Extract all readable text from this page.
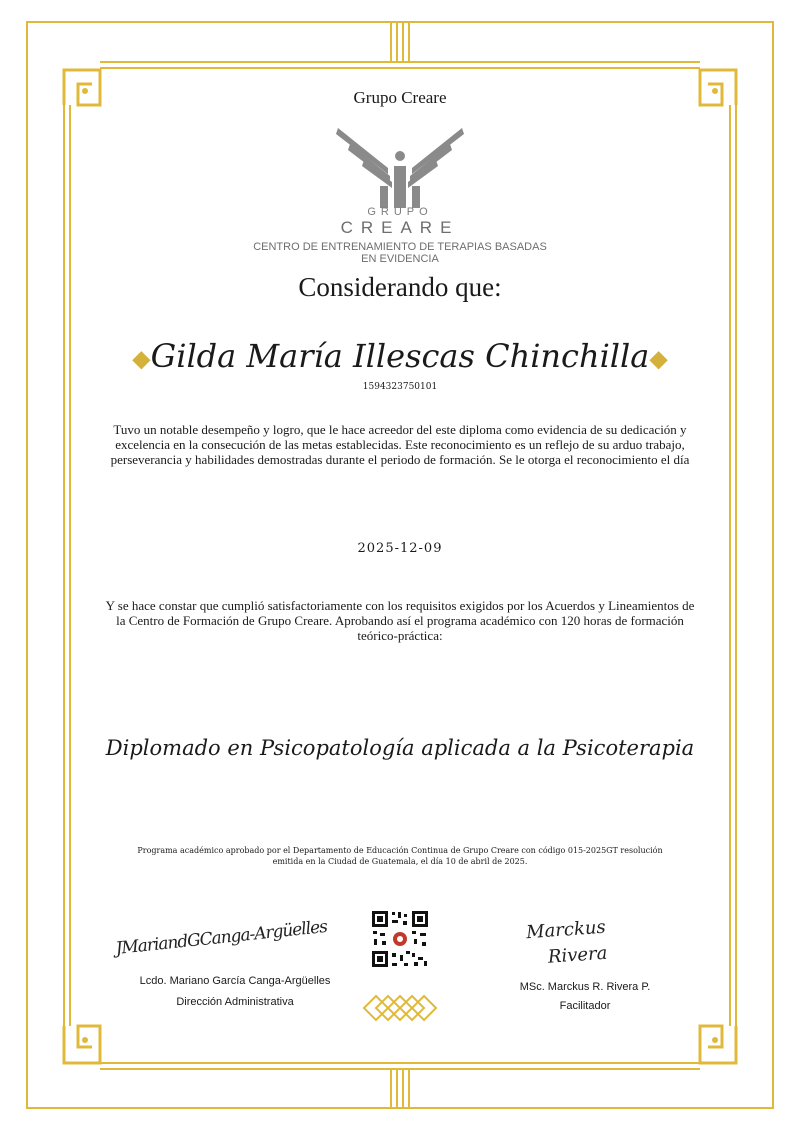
Grupo Creare

GRUPO

CREARE

CENTRO DE ENTRENAMIENTO DE TERAPIAS BASADAS
EN EVIDENCIA

Considerando que:

◆Gilda María Illescas Chinchilla◆

1594323750101

Tuvo un notable desempeño y logro, que le hace acreedor del este diploma como evidencia de su dedicación y excelencia en la consecución de las metas establecidas. Este reconocimiento es un reflejo de su arduo trabajo, perseverancia y habilidades demostradas durante el periodo de formación. Se le otorga el reconocimiento el día

2025-12-09

Y se hace constar que cumplió satisfactoriamente con los requisitos exigidos por los Acuerdos y Lineamientos de la Centro de Formación de Grupo Creare. Aprobando así el programa académico con 120 horas de formación teórico-práctica:

Diplomado en Psicopatología aplicada a la Psicoterapia

Programa académico aprobado por el Departamento de Educación Continua de Grupo Creare con código 015-2025GT resolución emitida en la Ciudad de Guatemala, el día 10 de abril de 2025.

JMariandGCanga-Argüelles
Lcdo. Mariano García Canga-Argüelles
Dirección Administrativa
Marckus
Rivera
MSc. Marckus R. Rivera P.
Facilitador
